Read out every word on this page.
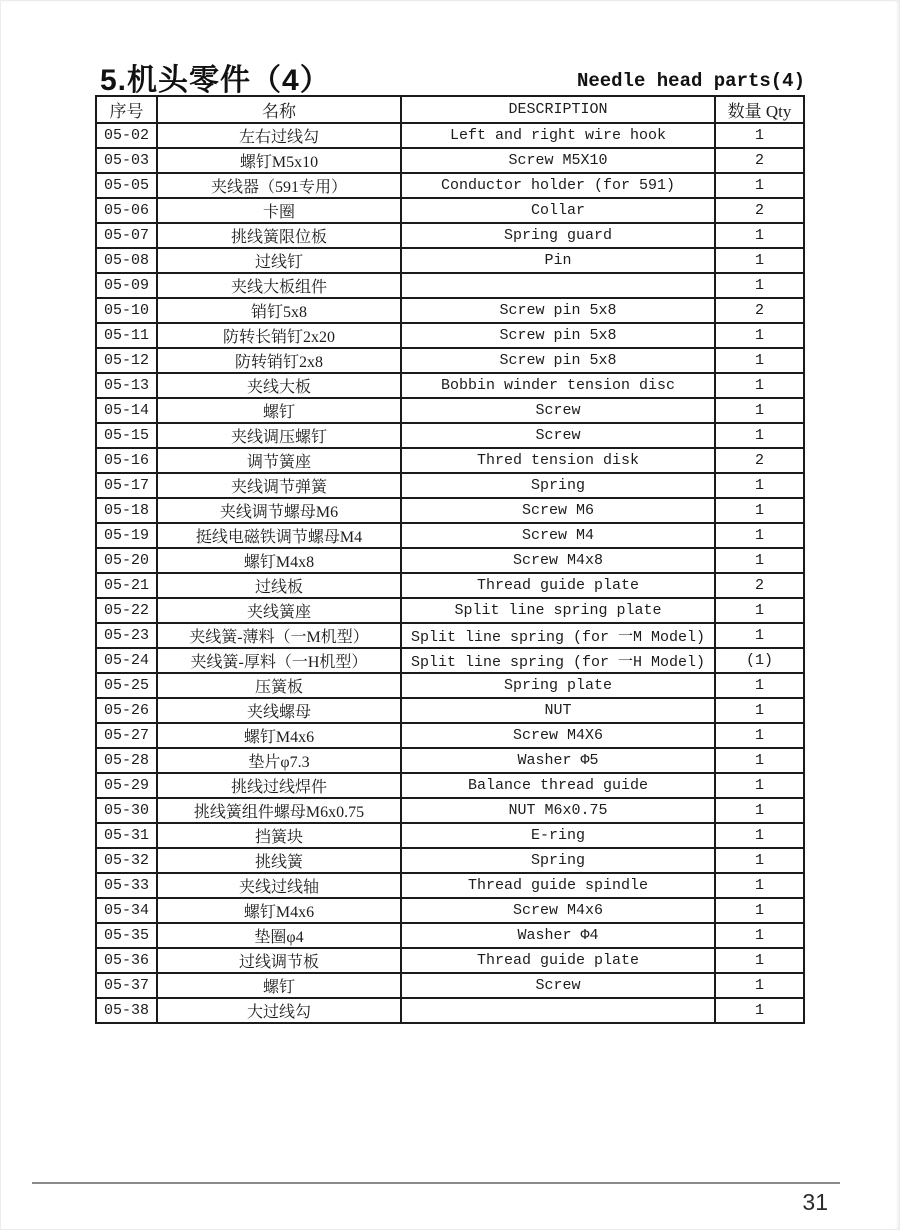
5.机头零件（4）	Needle head parts(4)
序号	名称	DESCRIPTION	数量 Qty
05-02	左右过线勾	Left and right wire hook	1
05-03	螺钉M5x10	Screw M5X10	2
05-05	夹线器（591专用）	Conductor holder (for 591)	1
05-06	卡圈	Collar	2
05-07	挑线簧限位板	Spring guard	1
05-08	过线钉	Pin	1
05-09	夹线大板组件		1
05-10	销钉5x8	Screw pin 5x8	2
05-11	防转长销钉2x20	Screw pin 5x8	1
05-12	防转销钉2x8	Screw pin 5x8	1
05-13	夹线大板	Bobbin winder tension disc	1
05-14	螺钉	Screw	1
05-15	夹线调压螺钉	Screw	1
05-16	调节簧座	Thred tension disk	2
05-17	夹线调节弹簧	Spring	1
05-18	夹线调节螺母M6	Screw M6	1
05-19	挺线电磁铁调节螺母M4	Screw M4	1
05-20	螺钉M4x8	Screw M4x8	1
05-21	过线板	Thread guide plate	2
05-22	夹线簧座	Split line spring plate	1
05-23	夹线簧-薄料（一M机型）	Split line spring (for 一M Model)	1
05-24	夹线簧-厚料（一H机型）	Split line spring (for 一H Model)	(1)
05-25	压簧板	Spring plate	1
05-26	夹线螺母	NUT	1
05-27	螺钉M4x6	Screw M4X6	1
05-28	垫片φ7.3	Washer Φ5	1
05-29	挑线过线焊件	Balance thread guide	1
05-30	挑线簧组件螺母M6x0.75	NUT M6x0.75	1
05-31	挡簧块	E-ring	1
05-32	挑线簧	Spring	1
05-33	夹线过线轴	Thread guide spindle	1
05-34	螺钉M4x6	Screw M4x6	1
05-35	垫圈φ4	Washer Φ4	1
05-36	过线调节板	Thread guide plate	1
05-37	螺钉	Screw	1
05-38	大过线勾		1
31
